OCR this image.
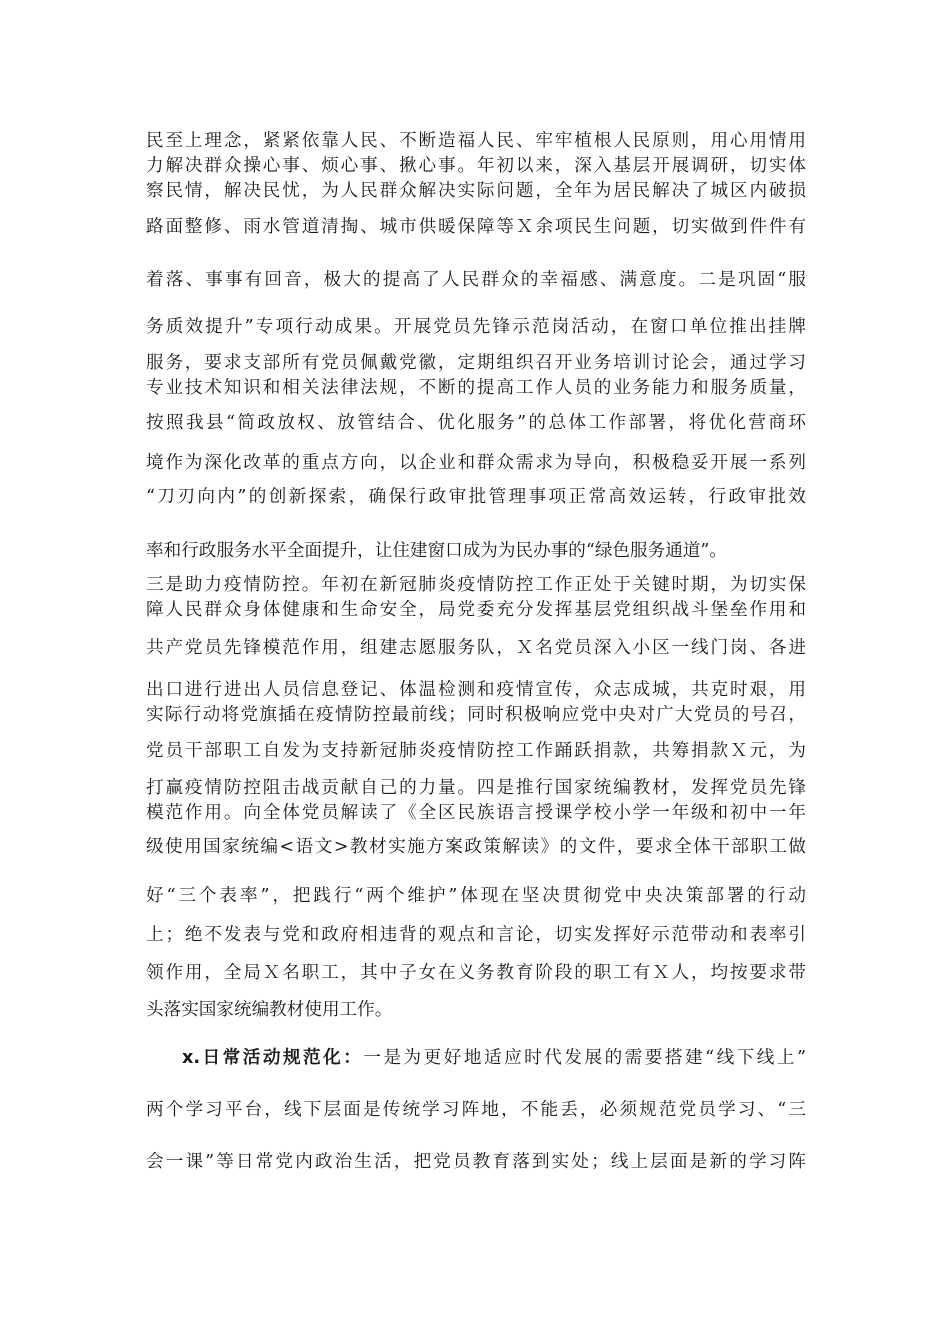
民至上理念，紧紧依靠人民、不断造福人民、牢牢植根人民原则，用心用情用
力解决群众操心事、烦心事、揪心事。年初以来，深入基层开展调研，切实体
察民情，解决民忧，为人民群众解决实际问题，全年为居民解决了城区内破损
路面整修、雨水管道清掏、城市供暖保障等Ｘ余项民生问题，切实做到件件有
着落、事事有回音，极大的提高了人民群众的幸福感、满意度。二是巩固“服
务质效提升”专项行动成果。开展党员先锋示范岗活动，在窗口单位推出挂牌
服务，要求支部所有党员佩戴党徽，定期组织召开业务培训讨论会，通过学习
专业技术知识和相关法律法规，不断的提高工作人员的业务能力和服务质量，
按照我县“简政放权、放管结合、优化服务”的总体工作部署，将优化营商环
境作为深化改革的重点方向，以企业和群众需求为导向，积极稳妥开展一系列
“刀刃向内”的创新探索，确保行政审批管理事项正常高效运转，行政审批效
率和行政服务水平全面提升，让住建窗口成为为民办事的“绿色服务通道”。
三是助力疫情防控。年初在新冠肺炎疫情防控工作正处于关键时期，为切实保
障人民群众身体健康和生命安全，局党委充分发挥基层党组织战斗堡垒作用和
共产党员先锋模范作用，组建志愿服务队，Ｘ名党员深入小区一线门岗、各进
出口进行进出人员信息登记、体温检测和疫情宣传，众志成城，共克时艰，用
实际行动将党旗插在疫情防控最前线；同时积极响应党中央对广大党员的号召，
党员干部职工自发为支持新冠肺炎疫情防控工作踊跃捐款，共筹捐款Ｘ元，为
打赢疫情防控阻击战贡献自己的力量。四是推行国家统编教材，发挥党员先锋
模范作用。向全体党员解读了《全区民族语言授课学校小学一年级和初中一年
级使用国家统编<语文>教材实施方案政策解读》的文件，要求全体干部职工做
好“三个表率”，把践行“两个维护”体现在坚决贯彻党中央决策部署的行动
上；绝不发表与党和政府相违背的观点和言论，切实发挥好示范带动和表率引
领作用，全局Ｘ名职工，其中子女在义务教育阶段的职工有Ｘ人，均按要求带
头落实国家统编教材使用工作。
x.日常活动规范化：一是为更好地适应时代发展的需要搭建“线下线上”
两个学习平台，线下层面是传统学习阵地，不能丢，必须规范党员学习、“三
会一课”等日常党内政治生活，把党员教育落到实处；线上层面是新的学习阵
